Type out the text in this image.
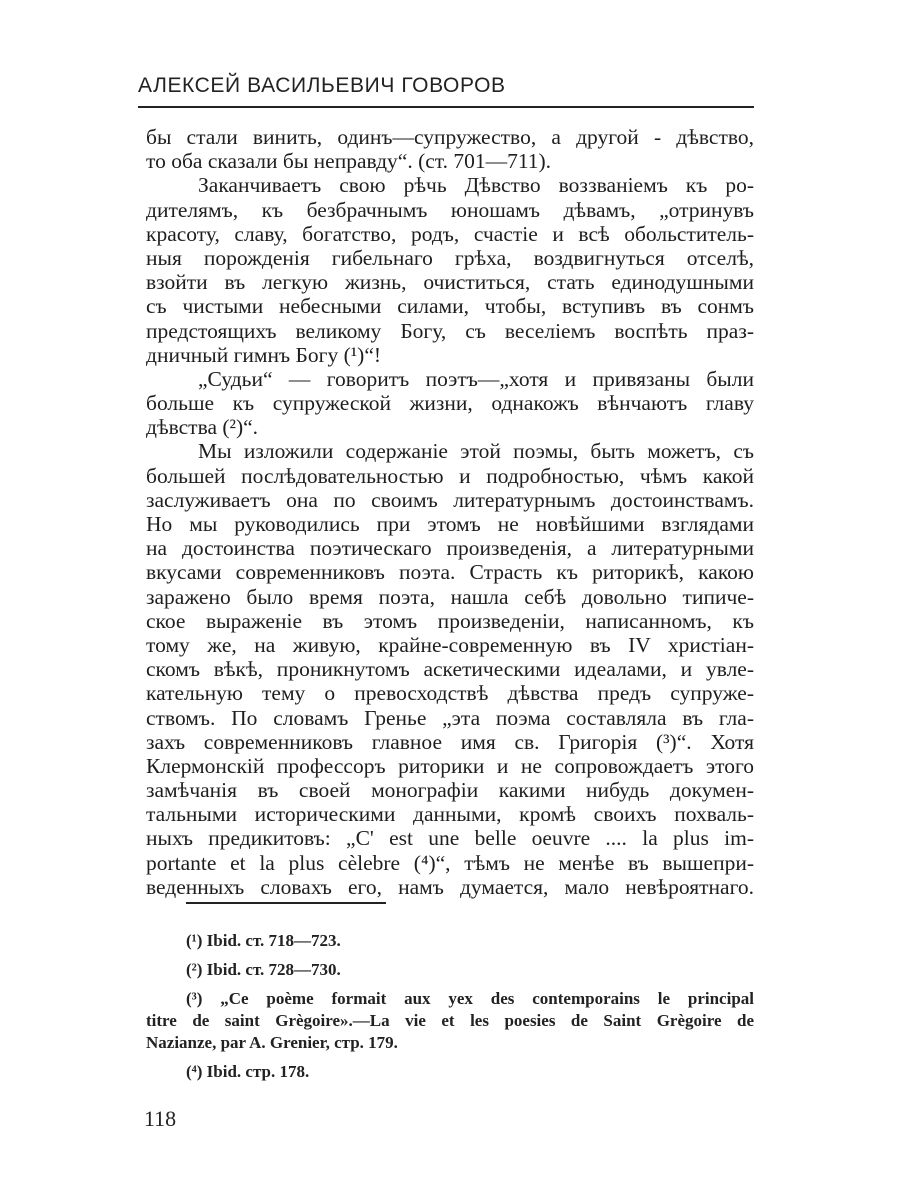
АЛЕКСЕЙ ВАСИЛЬЕВИЧ ГОВОРОВ
бы стали винить, одинъ—супружество, а другой - дѣвство,
то оба сказали бы неправду“. (ст. 701—711).
Заканчиваетъ свою рѣчь Дѣвство воззваніемъ къ ро-
дителямъ, къ безбрачнымъ юношамъ дѣвамъ, „отринувъ
красоту, славу, богатство, родъ, счастіе и всѣ обольститель-
ныя порожденія гибельнаго грѣха, воздвигнуться отселѣ,
взойти въ легкую жизнь, очиститься, стать единодушными
съ чистыми небесными силами, чтобы, вступивъ въ сонмъ
предстоящихъ великому Богу, съ веселіемъ воспѣть праз-
дничный гимнъ Богу (¹)“!
„Судьи“ — говоритъ поэтъ—„хотя и привязаны были
больше къ супружеской жизни, однакожъ вѣнчаютъ главу
дѣвства (²)“.
Мы изложили содержаніе этой поэмы, быть можетъ, съ
большей послѣдовательностью и подробностью, чѣмъ какой
заслуживаетъ она по своимъ литературнымъ достоинствамъ.
Но мы руководились при этомъ не новѣйшими взглядами
на достоинства поэтическаго произведенія, а литературными
вкусами современниковъ поэта. Страсть къ риторикѣ, какою
заражено было время поэта, нашла себѣ довольно типиче-
ское выраженіе въ этомъ произведеніи, написанномъ, къ
тому же, на живую, крайне-современную въ IV христіан-
скомъ вѣкѣ, проникнутомъ аскетическими идеалами, и увле-
кательную тему о превосходствѣ дѣвства предъ супруже-
ствомъ. По словамъ Греньe „эта поэма составляла въ гла-
захъ современниковъ главное имя св. Григорія (³)“. Хотя
Клермонскій профессоръ риторики и не сопровождаетъ этого
замѣчанія въ своей монографіи какими нибудь докумен-
тальными историческими данными, кромѣ своихъ похваль-
ныхъ предикитовъ: „C' est une belle oeuvre .... la plus im-
portante et la plus cèlebre (⁴)“, тѣмъ не менѣе въ вышепри-
веденныхъ словахъ его, намъ думается, мало невѣроятнаго.
(¹) Ibid. ст. 718—723.
(²) Ibid. ст. 728—730.
(³) „Ce poème formait aux yex des contemporains le principal
titre de saint Grègoire».—La vie et les poesies de Saint Grègoire de
Nazianze, par A. Grenier, стр. 179.
(⁴) Ibid. стр. 178.
118
